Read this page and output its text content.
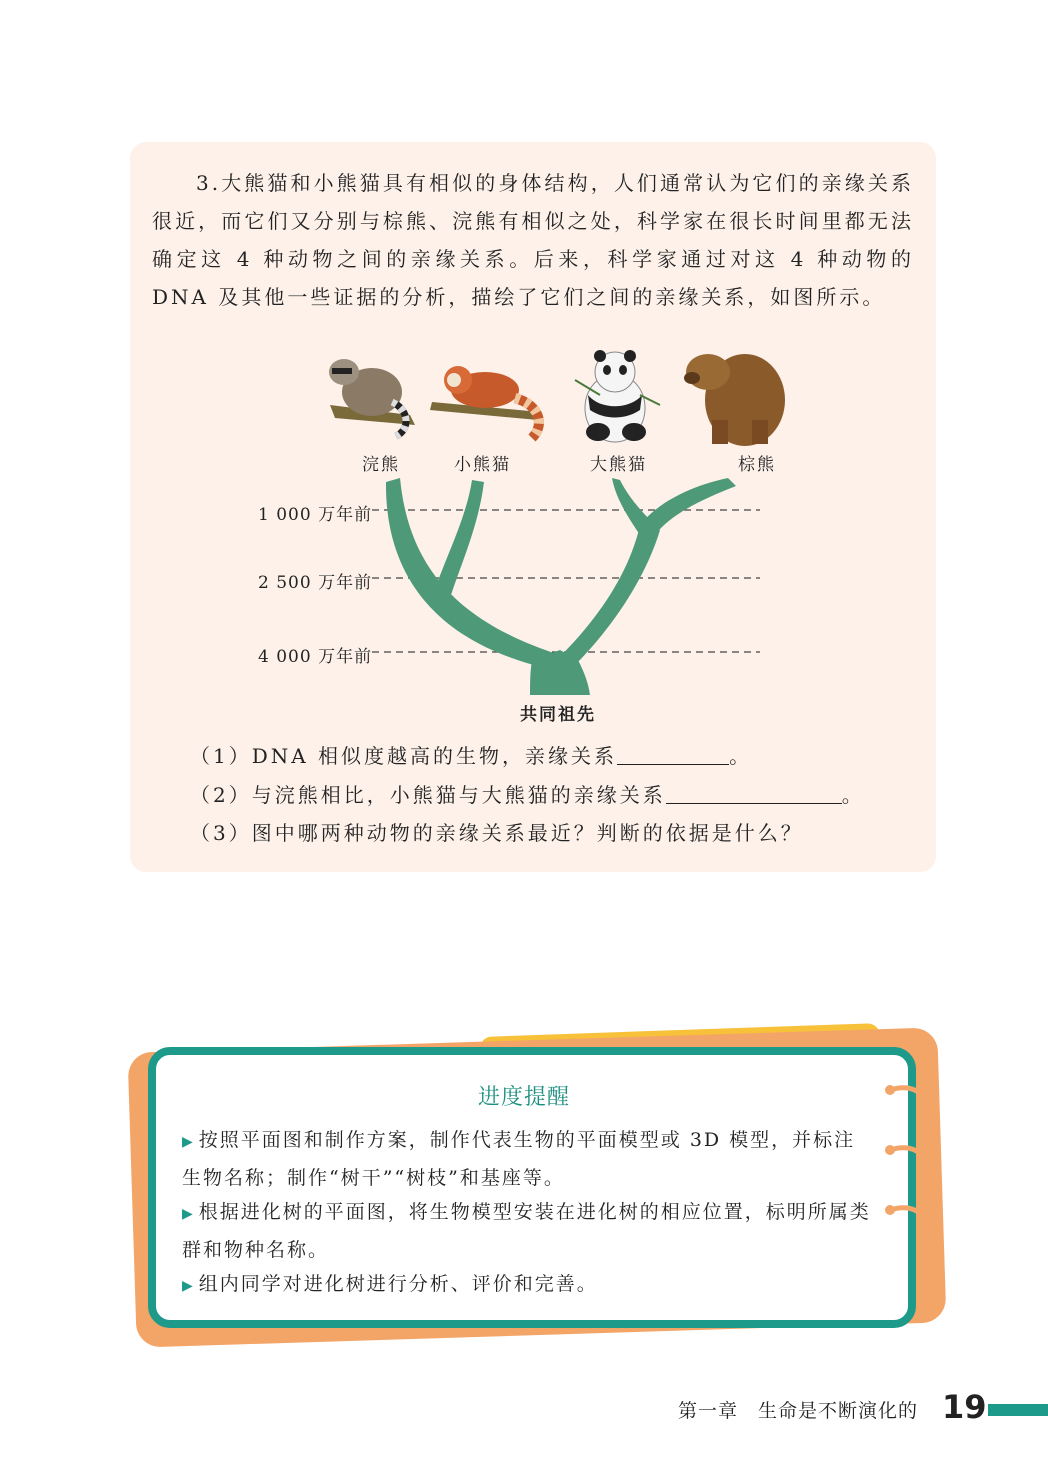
3.大熊猫和小熊猫具有相似的身体结构，人们通常认为它们的亲缘关系很近，而它们又分别与棕熊、浣熊有相似之处，科学家在很长时间里都无法确定这 4 种动物之间的亲缘关系。后来，科学家通过对这 4 种动物的 DNA 及其他一些证据的分析，描绘了它们之间的亲缘关系，如图所示。

浣熊	小熊猫	大熊猫	棕熊
1 000 万年前
2 500 万年前
4 000 万年前
共同祖先
（1）DNA 相似度越高的生物，亲缘关系	。
（2）与浣熊相比，小熊猫与大熊猫的亲缘关系	。
（3）图中哪两种动物的亲缘关系最近？判断的依据是什么？
进度提醒
▶ 按照平面图和制作方案，制作代表生物的平面模型或 3D 模型，并标注生物名称；制作“树干”“树枝”和基座等。
▶ 根据进化树的平面图，将生物模型安装在进化树的相应位置，标明所属类群和物种名称。
▶ 组内同学对进化树进行分析、评价和完善。
第一章　生命是不断演化的 19
